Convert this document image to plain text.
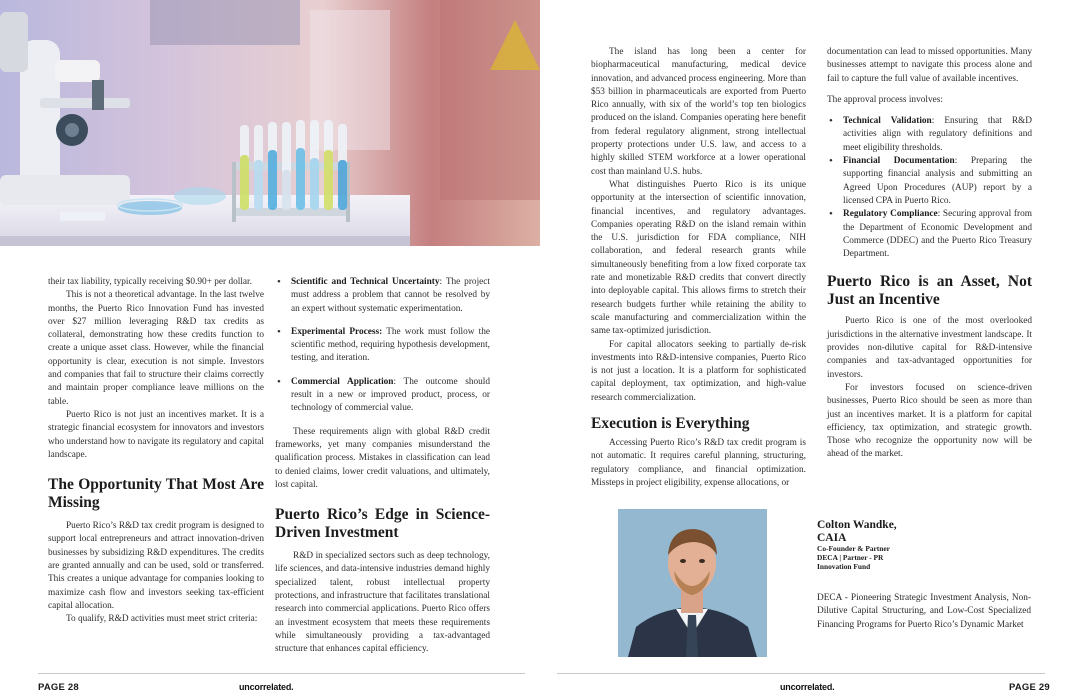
their tax liability, typically receiving $0.90+ per dollar.

This is not a theoretical advantage. In the last twelve months, the Puerto Rico Innovation Fund has invested over $27 million leveraging R&D tax credits as collateral, demonstrating how these credits function to create a unique asset class. However, while the financial opportunity is clear, execution is not simple. Investors and companies that fail to structure their claims correctly and maintain proper compliance leave millions on the table.

Puerto Rico is not just an incentives market. It is a strategic financial ecosystem for innovators and investors who understand how to navigate its regulatory and capital landscape.

The Opportunity That Most Are Missing

Puerto Rico’s R&D tax credit program is designed to support local entrepreneurs and attract innovation-driven businesses by subsidizing R&D expenditures. The credits are granted annually and can be used, sold or transferred. This creates a unique advantage for companies looking to maximize cash flow and investors seeking tax-efficient capital allocation.

To qualify, R&D activities must meet strict criteria:

• Scientific and Technical Uncertainty: The project must address a problem that cannot be resolved by an expert without systematic experimentation.
• Experimental Process: The work must follow the scientific method, requiring hypothesis development, testing, and iteration.
• Commercial Application: The outcome should result in a new or improved product, process, or technology of commercial value.

These requirements align with global R&D credit frameworks, yet many companies misunderstand the qualification process. Mistakes in classification can lead to denied claims, lower credit valuations, and ultimately, lost capital.

Puerto Rico’s Edge in Science-Driven Investment

R&D in specialized sectors such as deep technology, life sciences, and data-intensive industries demand highly specialized talent, robust intellectual property protections, and infrastructure that facilitates translational research into commercial applications. Puerto Rico offers an investment ecosystem that meets these requirements while simultaneously providing a tax-advantaged structure that enhances capital efficiency.

The island has long been a center for biopharmaceutical manufacturing, medical device innovation, and advanced process engineering. More than $53 billion in pharmaceuticals are exported from Puerto Rico annually, with six of the world’s top ten biologics produced on the island. Companies operating here benefit from federal regulatory alignment, strong intellectual property protections under U.S. law, and access to a highly skilled STEM workforce at a lower operational cost than mainland U.S. hubs.

What distinguishes Puerto Rico is its unique opportunity at the intersection of scientific innovation, financial incentives, and regulatory advantages. Companies operating R&D on the island remain within the U.S. jurisdiction for FDA compliance, NIH collaboration, and federal research grants while simultaneously benefiting from a low fixed corporate tax rate and monetizable R&D credits that convert directly into deployable capital. This allows firms to stretch their research budgets further while retaining the ability to scale manufacturing and commercialization within the same tax-optimized jurisdiction.

For capital allocators seeking to partially de-risk investments into R&D-intensive companies, Puerto Rico is not just a location. It is a platform for sophisticated capital deployment, tax optimization, and high-value research commercialization.

Execution is Everything

Accessing Puerto Rico’s R&D tax credit program is not automatic. It requires careful planning, structuring, regulatory compliance, and financial optimization. Missteps in project eligibility, expense allocations, or

documentation can lead to missed opportunities. Many businesses attempt to navigate this process alone and fail to capture the full value of available incentives.

The approval process involves:

• Technical Validation: Ensuring that R&D activities align with regulatory definitions and meet eligibility thresholds.
• Financial Documentation: Preparing the supporting financial analysis and submitting an Agreed Upon Procedures (AUP) report by a licensed CPA in Puerto Rico.
• Regulatory Compliance: Securing approval from the Department of Economic Development and Commerce (DDEC) and the Puerto Rico Treasury Department.
Puerto Rico is an Asset, Not Just an Incentive

Puerto Rico is one of the most overlooked jurisdictions in the alternative investment landscape. It provides non-dilutive capital for R&D-intensive companies and tax-advantaged opportunities for investors.

For investors focused on science-driven businesses, Puerto Rico should be seen as more than just an incentives market. It is a platform for capital efficiency, tax optimization, and strategic growth. Those who recognize the opportunity now will be ahead of the market.

Colton Wandke,
CAIA
Co-Founder & Partner
DECA | Partner - PR
Innovation Fund
DECA - Pioneering Strategic Investment Analysis, Non-Dilutive Capital Structuring, and Low-Cost Specialized Financing Programs for Puerto Rico’s Dynamic Market
PAGE 28	uncorrelated.	uncorrelated.	PAGE 29
